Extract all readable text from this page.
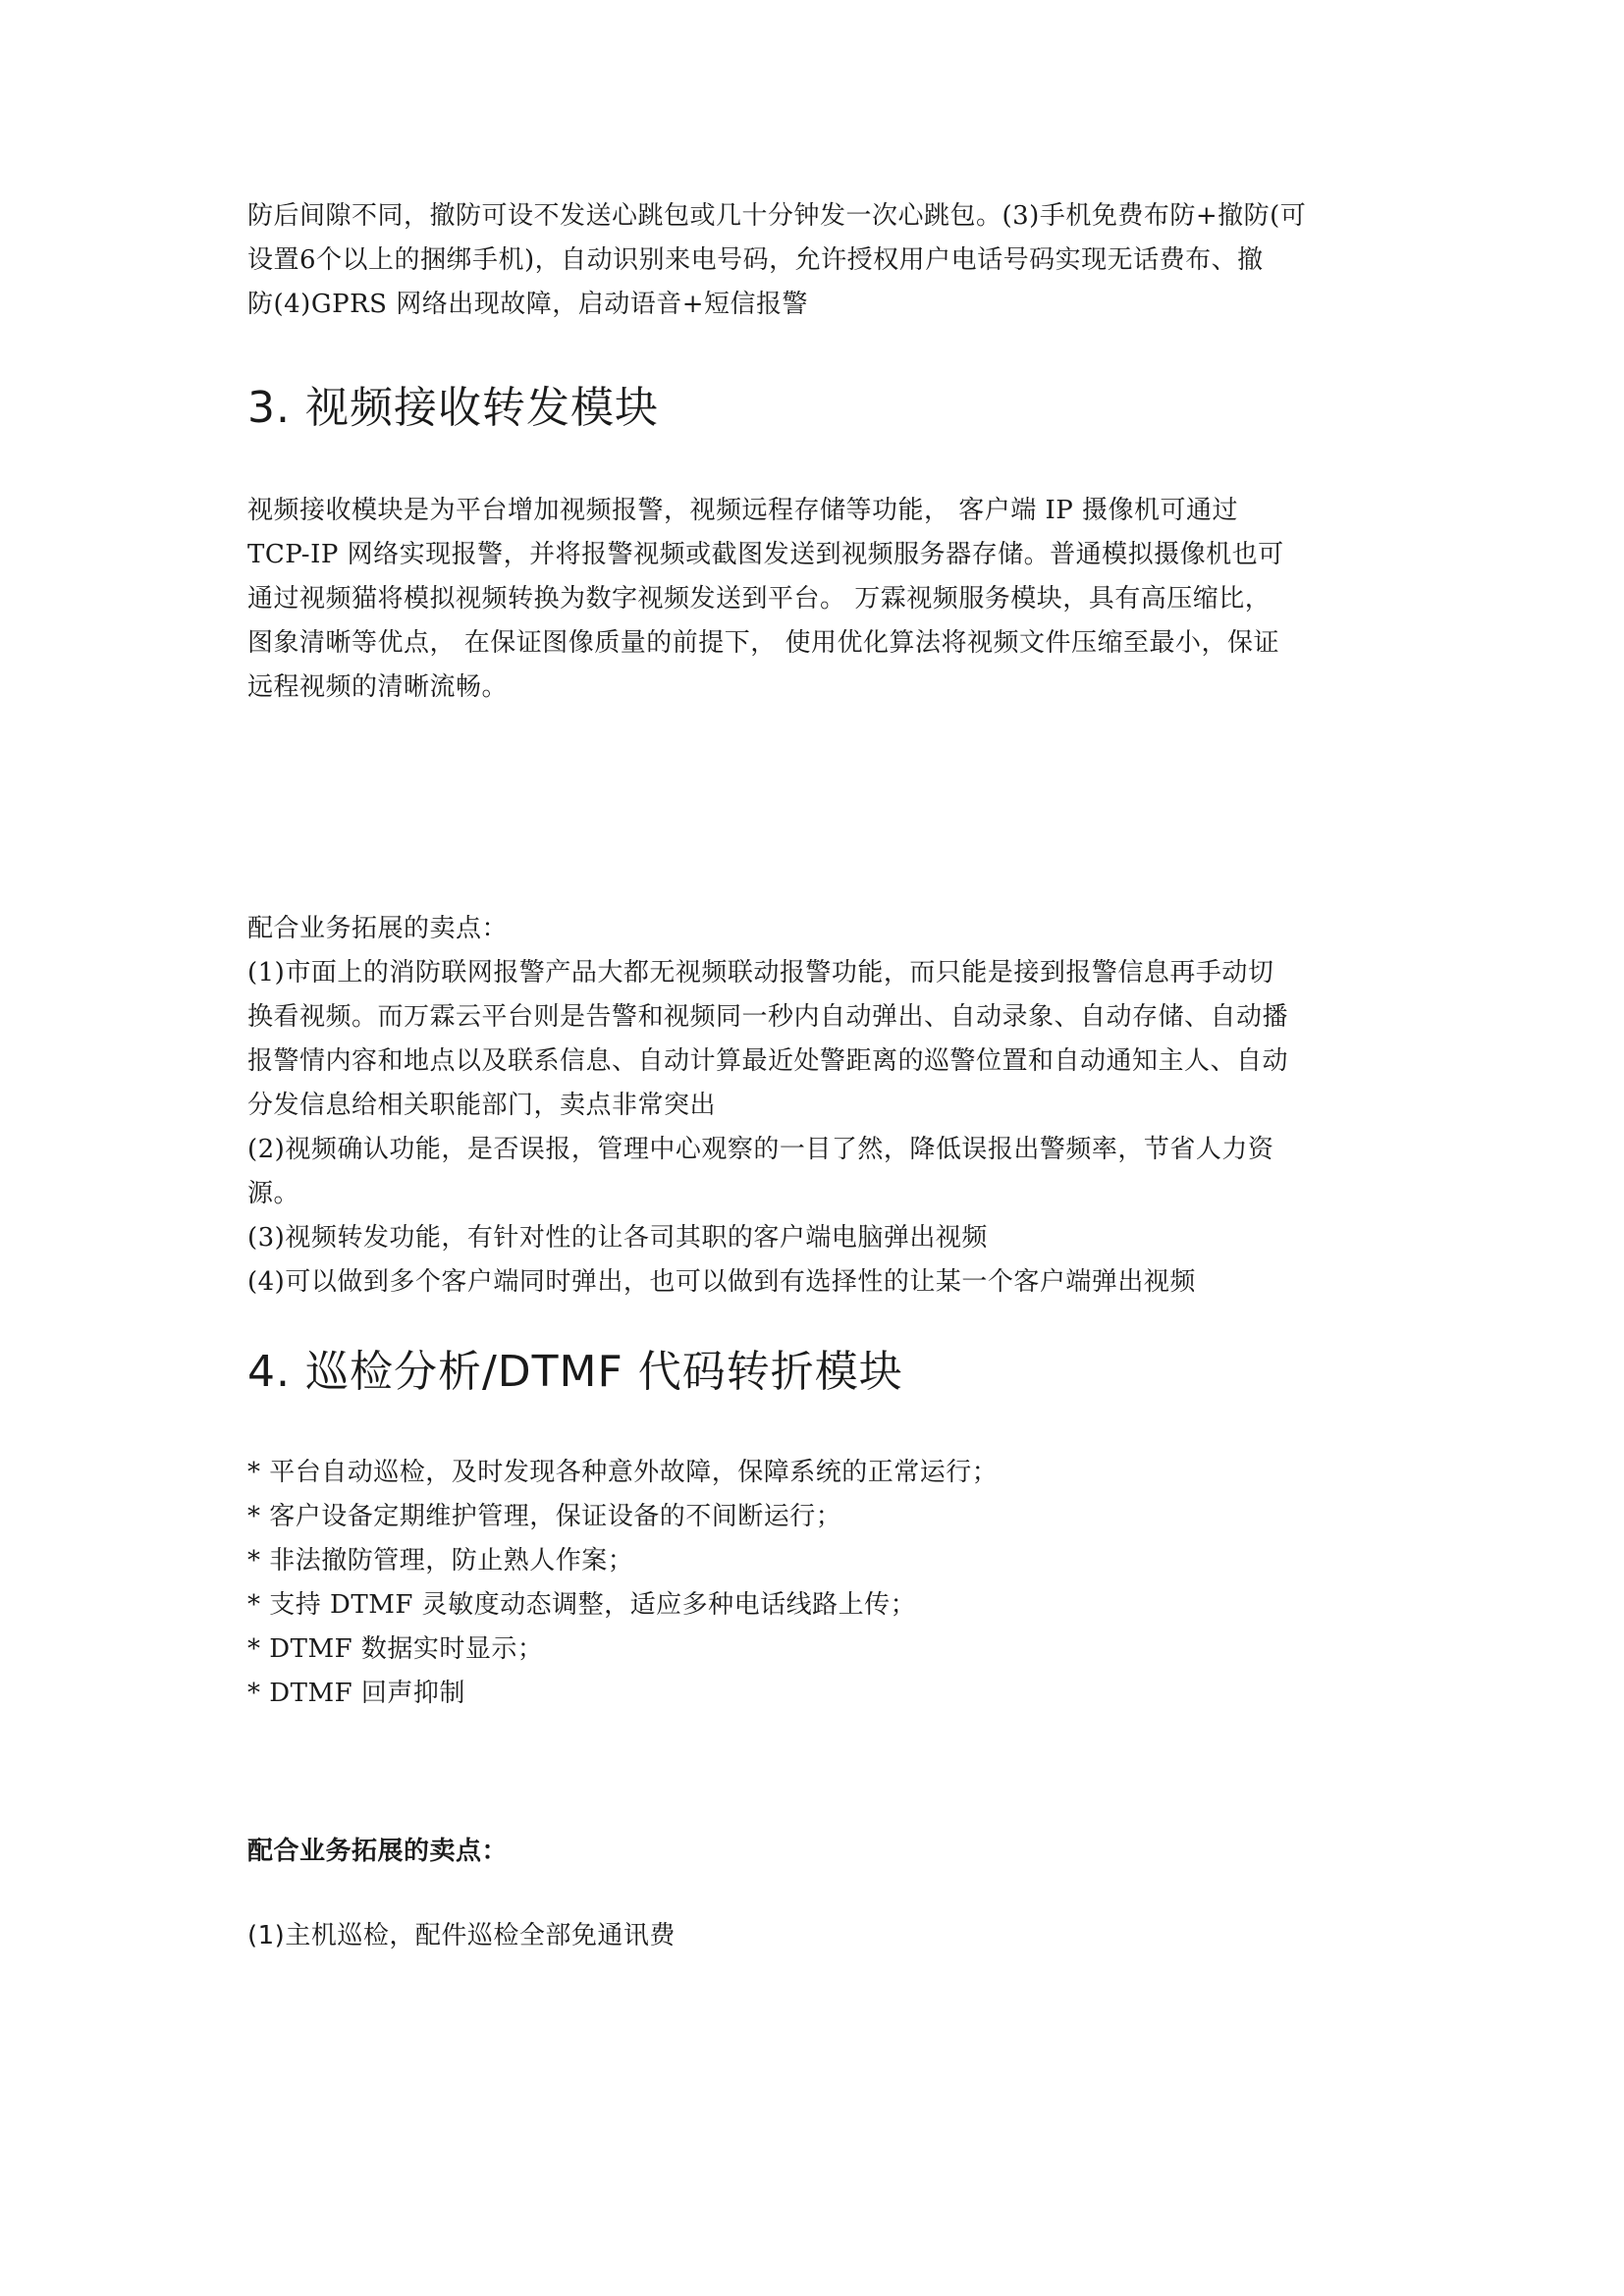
防后间隙不同，撤防可设不发送心跳包或几十分钟发一次心跳包。(3)手机免费布防+撤防(可
设置6个以上的捆绑手机)，自动识别来电号码，允许授权用户电话号码实现无话费布、撤
防(4)GPRS 网络出现故障，启动语音+短信报警

3. 视频接收转发模块

视频接收模块是为平台增加视频报警，视频远程存储等功能， 客户端 IP 摄像机可通过
TCP-IP 网络实现报警，并将报警视频或截图发送到视频服务器存储。普通模拟摄像机也可
通过视频猫将模拟视频转换为数字视频发送到平台。 万霖视频服务模块，具有高压缩比，
图象清晰等优点， 在保证图像质量的前提下， 使用优化算法将视频文件压缩至最小，保证
远程视频的清晰流畅。

配合业务拓展的卖点：
(1)市面上的消防联网报警产品大都无视频联动报警功能，而只能是接到报警信息再手动切
换看视频。而万霖云平台则是告警和视频同一秒内自动弹出、自动录象、自动存储、自动播
报警情内容和地点以及联系信息、自动计算最近处警距离的巡警位置和自动通知主人、自动
分发信息给相关职能部门，卖点非常突出
(2)视频确认功能，是否误报，管理中心观察的一目了然，降低误报出警频率，节省人力资
源。
(3)视频转发功能，有针对性的让各司其职的客户端电脑弹出视频
(4)可以做到多个客户端同时弹出，也可以做到有选择性的让某一个客户端弹出视频

4. 巡检分析/DTMF 代码转折模块

* 平台自动巡检，及时发现各种意外故障，保障系统的正常运行；
* 客户设备定期维护管理，保证设备的不间断运行；
* 非法撤防管理，防止熟人作案；
* 支持 DTMF 灵敏度动态调整，适应多种电话线路上传；
* DTMF 数据实时显示；
* DTMF 回声抑制

配合业务拓展的卖点：

(1)主机巡检，配件巡检全部免通讯费
